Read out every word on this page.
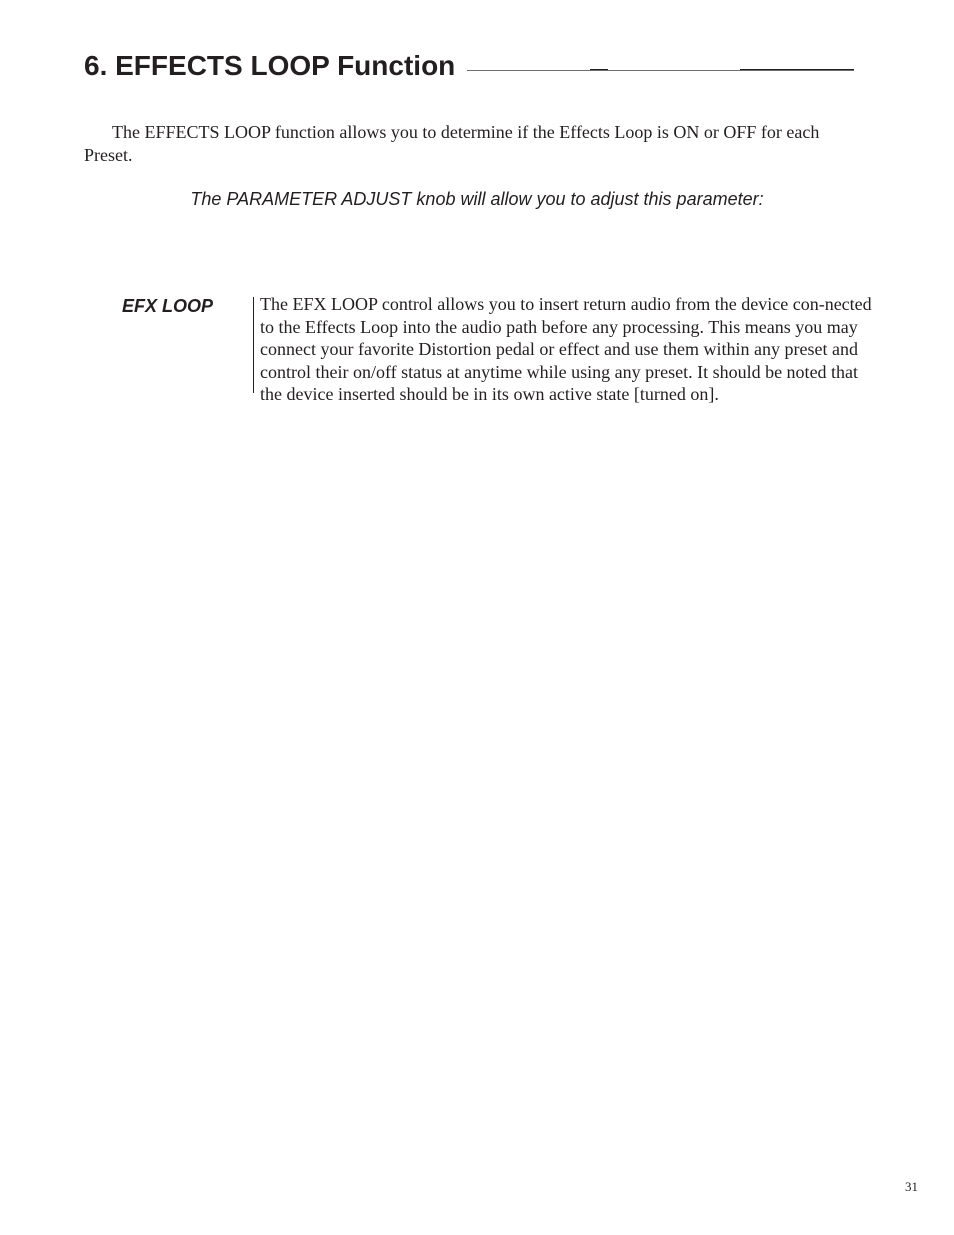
6. EFFECTS LOOP Function

The EFFECTS LOOP function allows you to determine if the Effects Loop is ON or OFF for each Preset.

The PARAMETER ADJUST knob will allow you to adjust this parameter:

EFX LOOP	The EFX LOOP control allows you to insert return audio from the device con-nected to the Effects Loop into the audio path before any processing. This means you may connect your favorite Distortion pedal or effect and use them within any preset and control their on/off status at anytime while using any preset. It should be noted that the device inserted should be in its own active state [turned on].

31
